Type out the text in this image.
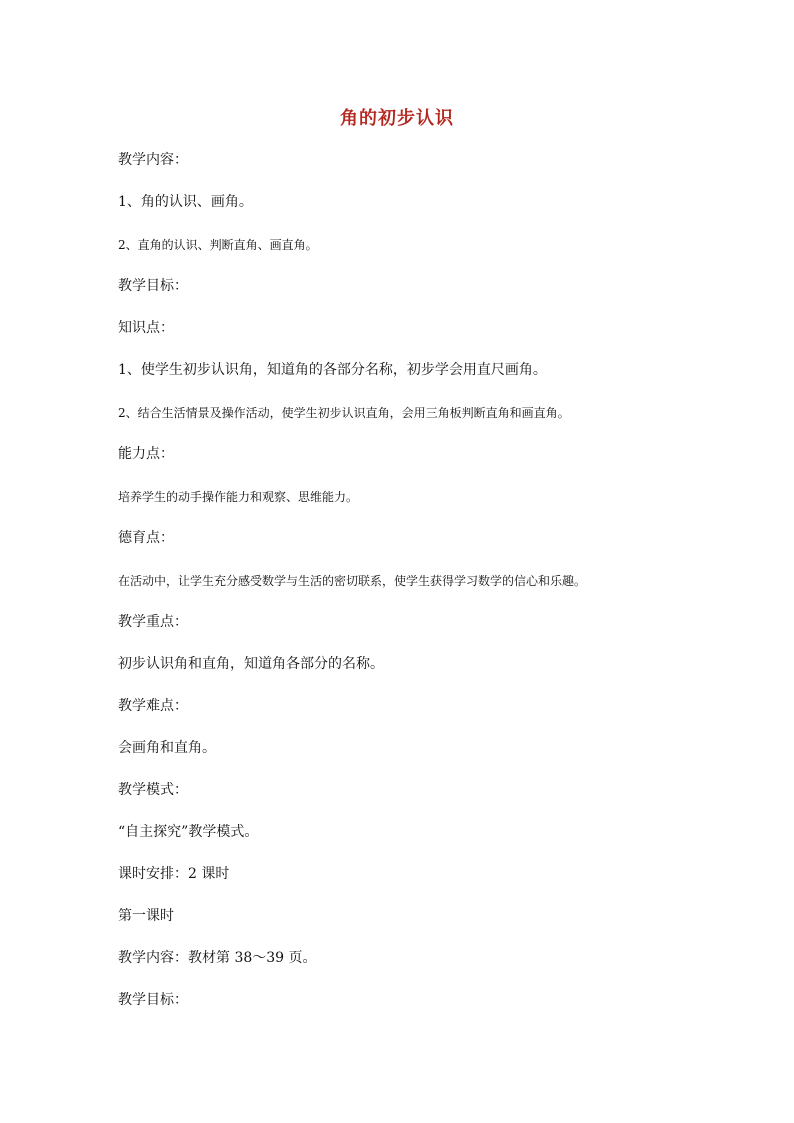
角的初步认识
教学内容：
1、角的认识、画角。
2、直角的认识、判断直角、画直角。
教学目标：
知识点：
1、使学生初步认识角，知道角的各部分名称，初步学会用直尺画角。
2、结合生活情景及操作活动，使学生初步认识直角，会用三角板判断直角和画直角。
能力点：
培养学生的动手操作能力和观察、思维能力。
德育点：
在活动中，让学生充分感受数学与生活的密切联系，使学生获得学习数学的信心和乐趣。
教学重点：
初步认识角和直角，知道角各部分的名称。
教学难点：
会画角和直角。
教学模式：
“自主探究”教学模式。
课时安排：2 课时
第一课时
教学内容：教材第 38～39 页。
教学目标：
